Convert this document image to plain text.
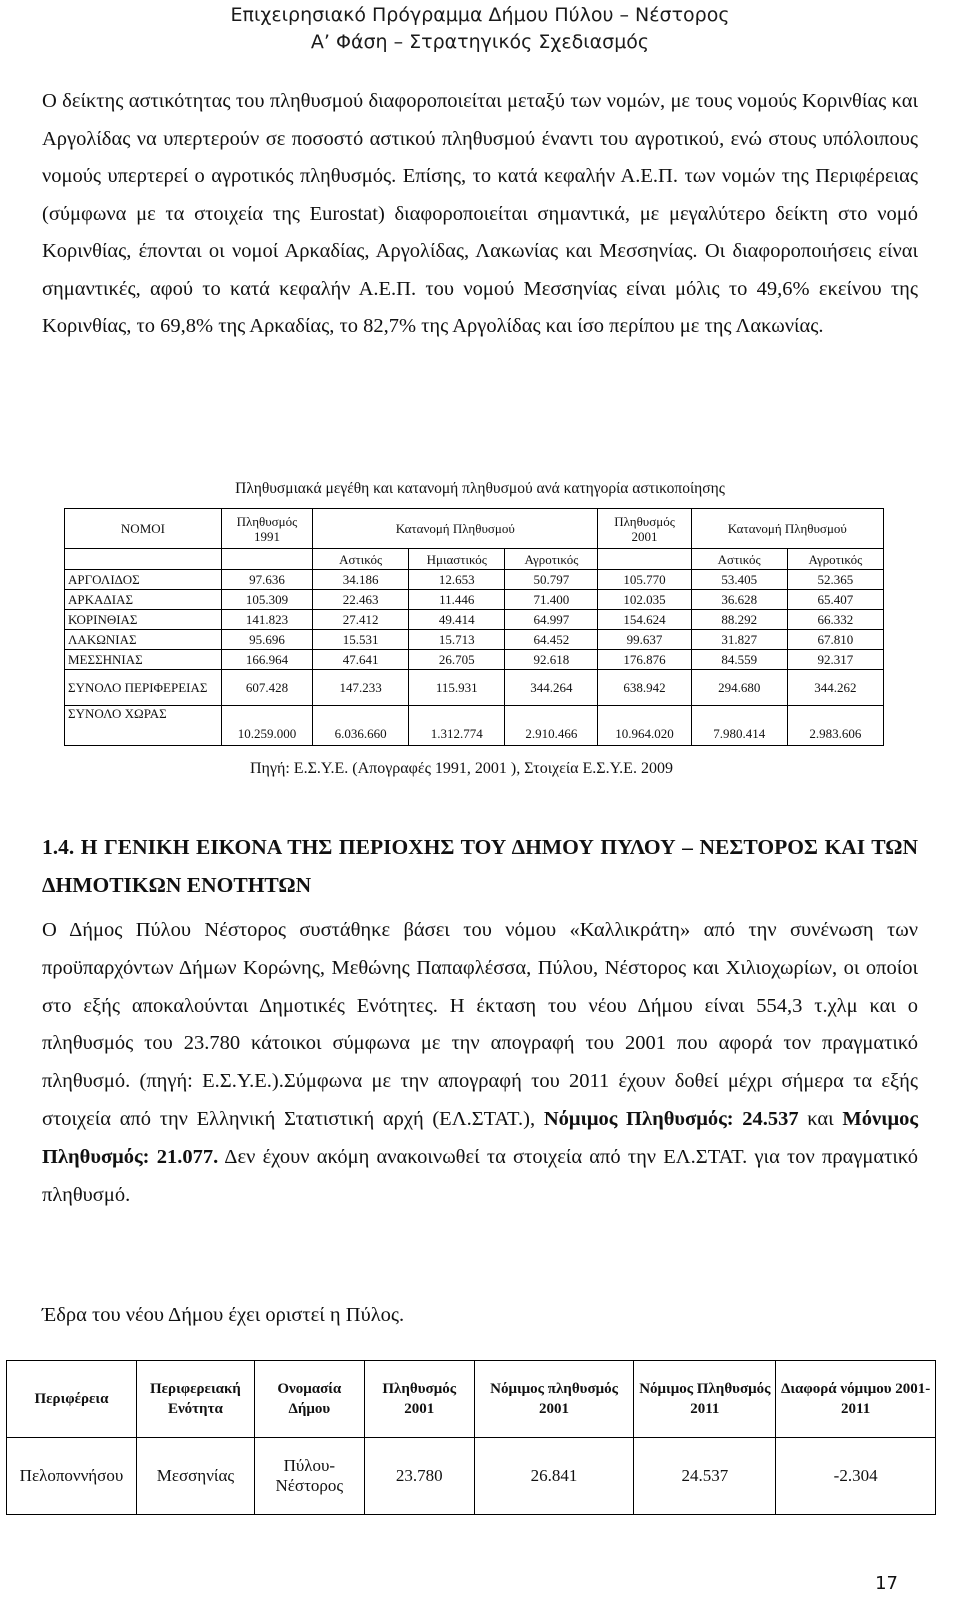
Επιχειρησιακό Πρόγραμμα Δήμου Πύλου – Νέστορος
Α’ Φάση – Στρατηγικός Σχεδιασμός
Ο δείκτης αστικότητας του πληθυσμού διαφοροποιείται μεταξύ των νομών, με τους νομούς Κορινθίας και Αργολίδας να υπερτερούν σε ποσοστό αστικού πληθυσμού έναντι του αγροτικού, ενώ στους υπόλοιπους νομούς υπερτερεί ο αγροτικός πληθυσμός. Επίσης, το κατά κεφαλήν Α.Ε.Π. των νομών της Περιφέρειας (σύμφωνα με τα στοιχεία της Eurostat) διαφοροποιείται σημαντικά, με μεγαλύτερο δείκτη στο νομό Κορινθίας, έπονται οι νομοί Αρκαδίας, Αργολίδας, Λακωνίας και Μεσσηνίας. Οι διαφοροποιήσεις είναι σημαντικές, αφού το κατά κεφαλήν Α.Ε.Π. του νομού Μεσσηνίας είναι μόλις το 49,6% εκείνου της Κορινθίας, το 69,8% της Αρκαδίας, το 82,7% της Αργολίδας και ίσο περίπου με της Λακωνίας.
Πληθυσμιακά μεγέθη και κατανομή πληθυσμού ανά κατηγορία αστικοποίησης
ΝΟΜΟΙ	Πληθυσμός 1991	Κατανομή Πληθυσμού			Πληθυσμός 2001	Κατανομή Πληθυσμού	
		Αστικός	Ημιαστικός	Αγροτικός		Αστικός	Αγροτικός
ΑΡΓΟΛΙΔΟΣ	97.636	34.186	12.653	50.797	105.770	53.405	52.365
ΑΡΚΑΔΙΑΣ	105.309	22.463	11.446	71.400	102.035	36.628	65.407
ΚΟΡΙΝΘΙΑΣ	141.823	27.412	49.414	64.997	154.624	88.292	66.332
ΛΑΚΩΝΙΑΣ	95.696	15.531	15.713	64.452	99.637	31.827	67.810
ΜΕΣΣΗΝΙΑΣ	166.964	47.641	26.705	92.618	176.876	84.559	92.317
ΣΥΝΟΛΟ ΠΕΡΙΦΕΡΕΙΑΣ	607.428	147.233	115.931	344.264	638.942	294.680	344.262
ΣΥΝΟΛΟ ΧΩΡΑΣ	10.259.000	6.036.660	1.312.774	2.910.466	10.964.020	7.980.414	2.983.606
Πηγή: Ε.Σ.Υ.Ε. (Απογραφές 1991, 2001 ), Στοιχεία Ε.Σ.Υ.Ε. 2009
1.4. Η ΓΕΝΙΚΗ ΕΙΚΟΝΑ ΤΗΣ ΠΕΡΙΟΧΗΣ ΤΟΥ ΔΗΜΟΥ ΠΥΛΟΥ – ΝΕΣΤΟΡΟΣ ΚΑΙ ΤΩΝ ΔΗΜΟΤΙΚΩΝ ΕΝΟΤΗΤΩΝ
Ο Δήμος Πύλου Νέστορος συστάθηκε βάσει του νόμου «Καλλικράτη» από την συνένωση των προϋπαρχόντων Δήμων Κορώνης, Μεθώνης Παπαφλέσσα, Πύλου, Νέστορος και Χιλιοχωρίων, οι οποίοι στο εξής αποκαλούνται Δημοτικές Ενότητες. Η έκταση του νέου Δήμου είναι 554,3 τ.χλμ και ο πληθυσμός του 23.780 κάτοικοι σύμφωνα με την απογραφή του 2001 που αφορά τον πραγματικό πληθυσμό. (πηγή: Ε.Σ.Υ.Ε.).Σύμφωνα με την απογραφή του 2011 έχουν δοθεί μέχρι σήμερα τα εξής στοιχεία από την Ελληνική Στατιστική αρχή (ΕΛ.ΣΤΑΤ.), Νόμιμος Πληθυσμός: 24.537 και Μόνιμος Πληθυσμός: 21.077. Δεν έχουν ακόμη ανακοινωθεί τα στοιχεία από την ΕΛ.ΣΤΑΤ. για τον πραγματικό πληθυσμό.
Έδρα του νέου Δήμου έχει οριστεί η Πύλος.
Περιφέρεια	Περιφερειακή Ενότητα	Ονομασία Δήμου	Πληθυσμός 2001	Νόμιμος πληθυσμός 2001	Νόμιμος Πληθυσμός 2011	Διαφορά νόμιμου 2001-2011
Πελοποννήσου	Μεσσηνίας	Πύλου-Νέστορος	23.780	26.841	24.537	-2.304
17
